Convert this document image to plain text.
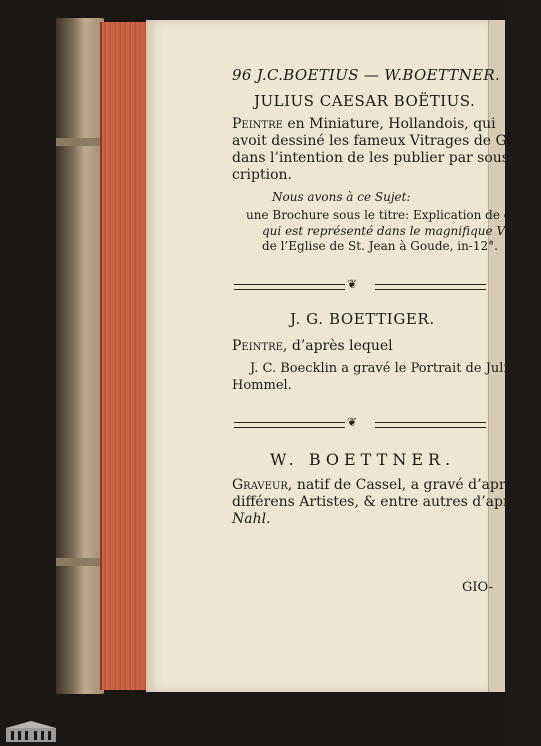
96 J.C.BOETIUS — W.BOETTNER.
JULIUS CAESAR BOËTIUS.
Peintre en Miniature, Hollandois, qui
avoit dessiné les fameux Vitrages de Goude
dans l’intention de les publier par sous-
cription.
Nous avons à ce Sujet:
une Brochure sous le titre: Explication de ce,
qui est représenté dans le magnifique Vitrage
de l’Eglise de St. Jean à Goude, in-12°.
❦
J. G. BOETTIGER.
Peintre, d’après lequel
J. C. Boecklin a gravé le Portrait de Juliana
Hommel.
❦
W. BOETTNER.
Graveur, natif de Cassel, a gravé d’après
différens Artistes, & entre autres d’après
Nahl.
GIO-
